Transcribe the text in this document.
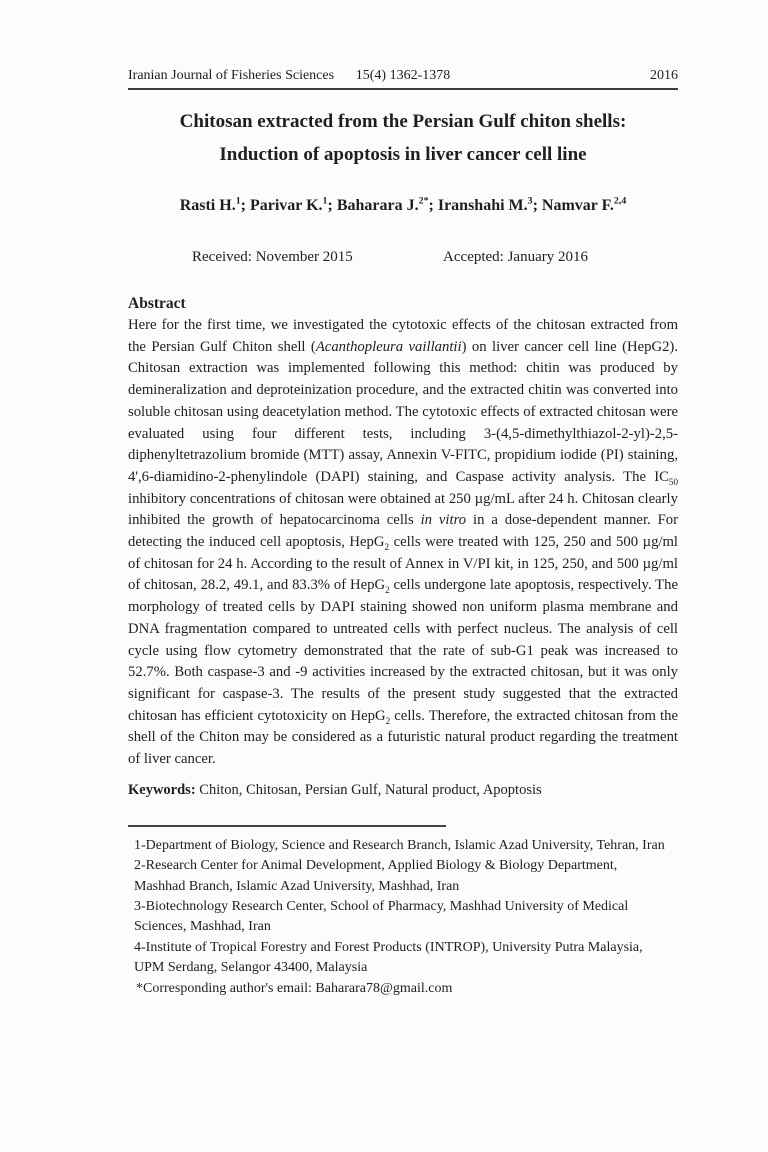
Iranian Journal of Fisheries Sciences	15(4) 1362-1378	2016
Chitosan extracted from the Persian Gulf chiton shells:
Induction of apoptosis in liver cancer cell line
Rasti H.$^1$; Parivar K.$^1$; Baharara J.$^{2*}$; Iranshahi M.$^3$; Namvar F.$^{2,4}$
Received: November 2015	Accepted: January 2016
Abstract

Here for the first time, we investigated the cytotoxic effects of the chitosan extracted from the Persian Gulf Chiton shell (Acanthopleura vaillantii) on liver cancer cell line (HepG2). Chitosan extraction was implemented following this method: chitin was produced by demineralization and deproteinization procedure, and the extracted chitin was converted into soluble chitosan using deacetylation method. The cytotoxic effects of extracted chitosan were evaluated using four different tests, including 3-(4,5-dimethylthiazol-2-yl)-2,5-diphenyltetrazolium bromide (MTT) assay, Annexin V-FITC, propidium iodide (PI) staining, 4',6-diamidino-2-phenylindole (DAPI) staining, and Caspase activity analysis. The $IC_{50}$ inhibitory concentrations of chitosan were obtained at 250 µg/mL after 24 h. Chitosan clearly inhibited the growth of hepatocarcinoma cells in vitro in a dose-dependent manner. For detecting the induced cell apoptosis, HepG$_2$ cells were treated with 125, 250 and 500 µg/ml of chitosan for 24 h. According to the result of Annex in V/PI kit, in 125, 250, and 500 µg/ml of chitosan, 28.2, 49.1, and 83.3% of HepG$_2$ cells undergone late apoptosis, respectively. The morphology of treated cells by DAPI staining showed non uniform plasma membrane and DNA fragmentation compared to untreated cells with perfect nucleus. The analysis of cell cycle using flow cytometry demonstrated that the rate of sub-G1 peak was increased to 52.7%. Both caspase-3 and -9 activities increased by the extracted chitosan, but it was only significant for caspase-3. The results of the present study suggested that the extracted chitosan has efficient cytotoxicity on HepG$_2$ cells. Therefore, the extracted chitosan from the shell of the Chiton may be considered as a futuristic natural product regarding the treatment of liver cancer.

Keywords: Chiton, Chitosan, Persian Gulf, Natural product, Apoptosis

1-Department of Biology, Science and Research Branch, Islamic Azad University, Tehran, Iran
2-Research Center for Animal Development, Applied Biology & Biology Department,
Mashhad Branch, Islamic Azad University, Mashhad, Iran
3-Biotechnology Research Center, School of Pharmacy, Mashhad University of Medical
Sciences, Mashhad, Iran
4-Institute of Tropical Forestry and Forest Products (INTROP), University Putra Malaysia,
UPM Serdang, Selangor 43400, Malaysia
*Corresponding author's email: Baharara78@gmail.com
